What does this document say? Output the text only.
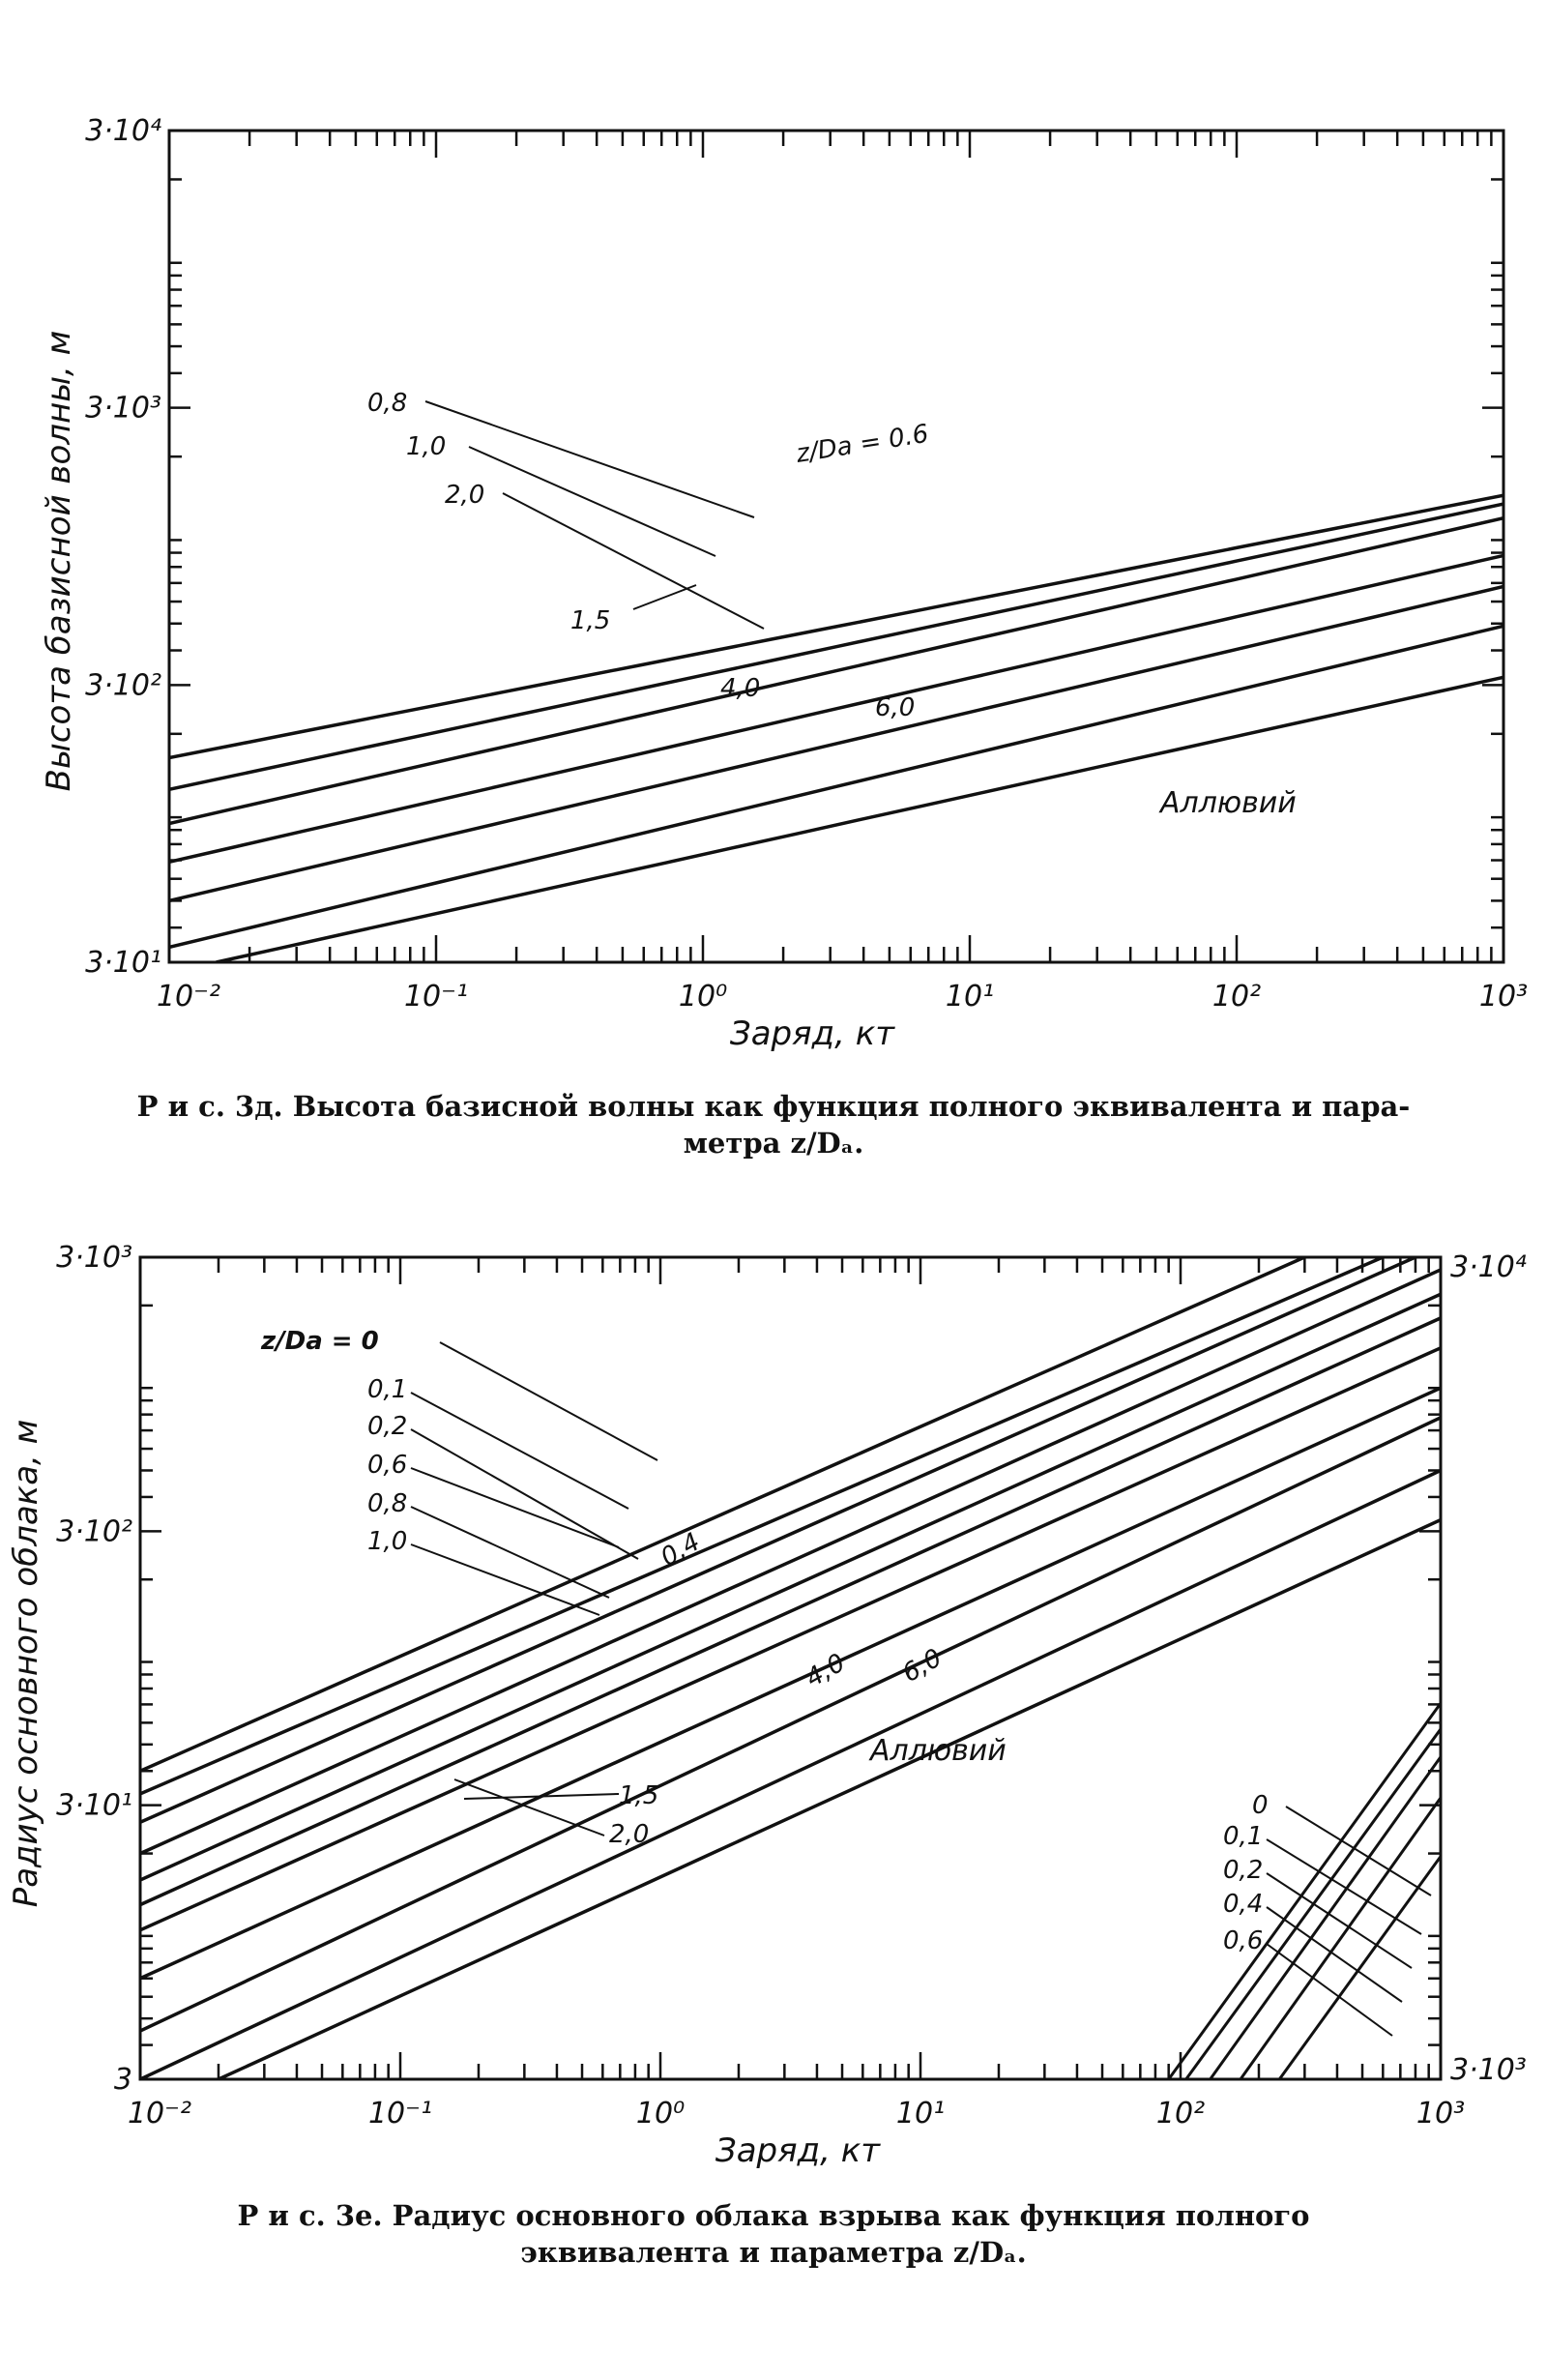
10⁻²	10⁻¹	10⁰	10¹	10²	10³
3·10¹
3·10²
3·10³
3·10⁴
Заряд, кт
Высота базисной волны, м
Аллювий
z/Da = 0.6
0,8
1,0
2,0
1,5
4,0
6,0
10⁻²	10⁻¹	10⁰	10¹	10²	10³
3
3·10¹
3·10²
3·10³
3·10³
3·10⁴
Заряд, кт
Радиус основного облака, м	Аллювий
z/Da = 0
0,1
0,2
0,6
0,8
1,0	0,4
4,0 6,0
1,5
2,0
0
0,1
0,2
0,4
0,6
Р и с. 3д. Высота базисной волны как функция полного эквивалента и пара-
метра z/Dₐ.
Р и с. 3е. Радиус основного облака взрыва как функция полного
эквивалента и параметра z/Dₐ.
